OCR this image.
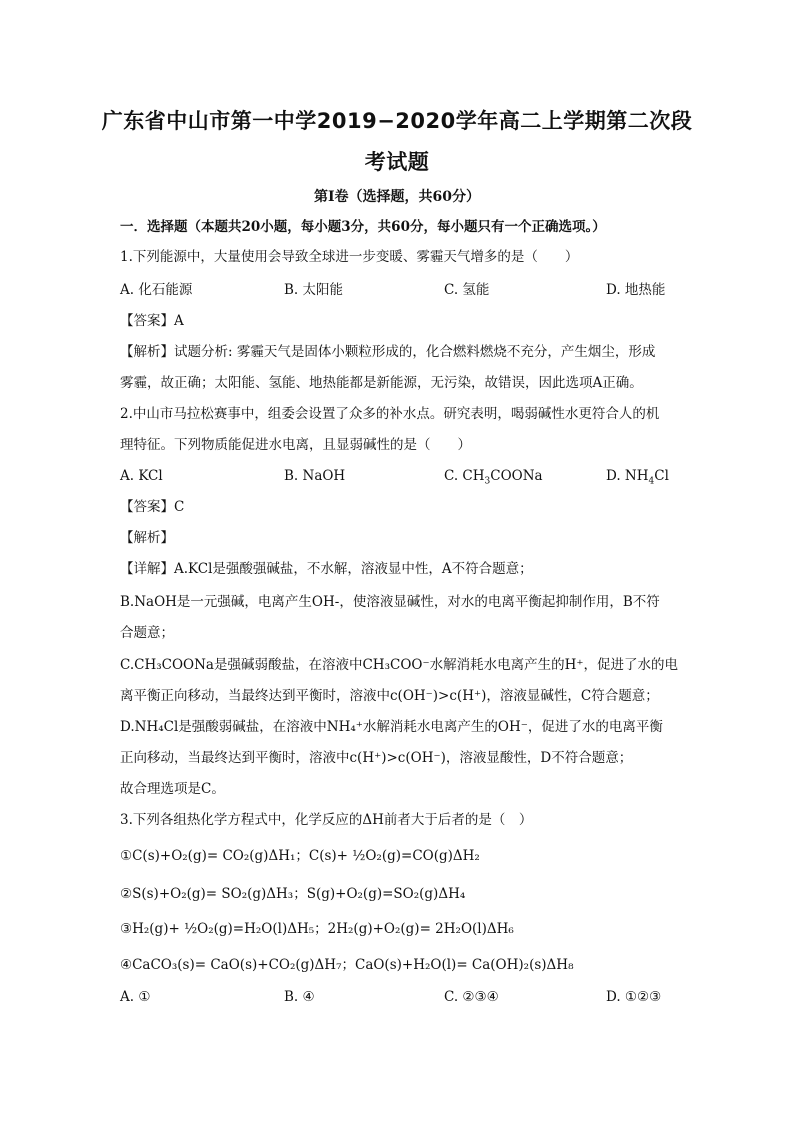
广东省中山市第一中学2019−2020学年高二上学期第二次段
考试题
第Ⅰ卷（选择题，共60分）
一．选择题（本题共20小题，每小题3分，共60分，每小题只有一个正确选项。）
1.下列能源中，大量使用会导致全球进一步变暖、雾霾天气增多的是（　　）
A. 化石能源	B. 太阳能	C. 氢能	D. 地热能
【答案】A
【解析】试题分析: 雾霾天气是固体小颗粒形成的，化合燃料燃烧不充分，产生烟尘，形成
雾霾，故正确；太阳能、氢能、地热能都是新能源，无污染，故错误，因此选项A正确。
2.中山市马拉松赛事中，组委会设置了众多的补水点。研究表明，喝弱碱性水更符合人的机
理特征。下列物质能促进水电离，且显弱碱性的是（　　）
A. KCl	B. NaOH	C. $CH_3COONa$	D. $NH_4Cl$
【答案】C
【解析】
【详解】A.KCl是强酸强碱盐，不水解，溶液显中性，A不符合题意；
B.NaOH是一元强碱，电离产生OH-，使溶液显碱性，对水的电离平衡起抑制作用，B不符
合题意；
C.CH₃COONa是强碱弱酸盐，在溶液中CH₃COO⁻水解消耗水电离产生的H⁺，促进了水的电
离平衡正向移动，当最终达到平衡时，溶液中c(OH⁻)>c(H⁺)，溶液显碱性，C符合题意；
D.NH₄Cl是强酸弱碱盐，在溶液中NH₄⁺水解消耗水电离产生的OH⁻，促进了水的电离平衡
正向移动，当最终达到平衡时，溶液中c(H⁺)>c(OH⁻)，溶液显酸性，D不符合题意；
故合理选项是C。
3.下列各组热化学方程式中，化学反应的ΔH前者大于后者的是（　）
①C(s)+O₂(g)= CO₂(g)ΔH₁；C(s)+ ½O₂(g)=CO(g)ΔH₂
②S(s)+O₂(g)= SO₂(g)ΔH₃；S(g)+O₂(g)=SO₂(g)ΔH₄
③H₂(g)+ ½O₂(g)=H₂O(l)ΔH₅；2H₂(g)+O₂(g)= 2H₂O(l)ΔH₆
④CaCO₃(s)= CaO(s)+CO₂(g)ΔH₇；CaO(s)+H₂O(l)= Ca(OH)₂(s)ΔH₈
A. ①	B. ④	C. ②③④	D. ①②③
